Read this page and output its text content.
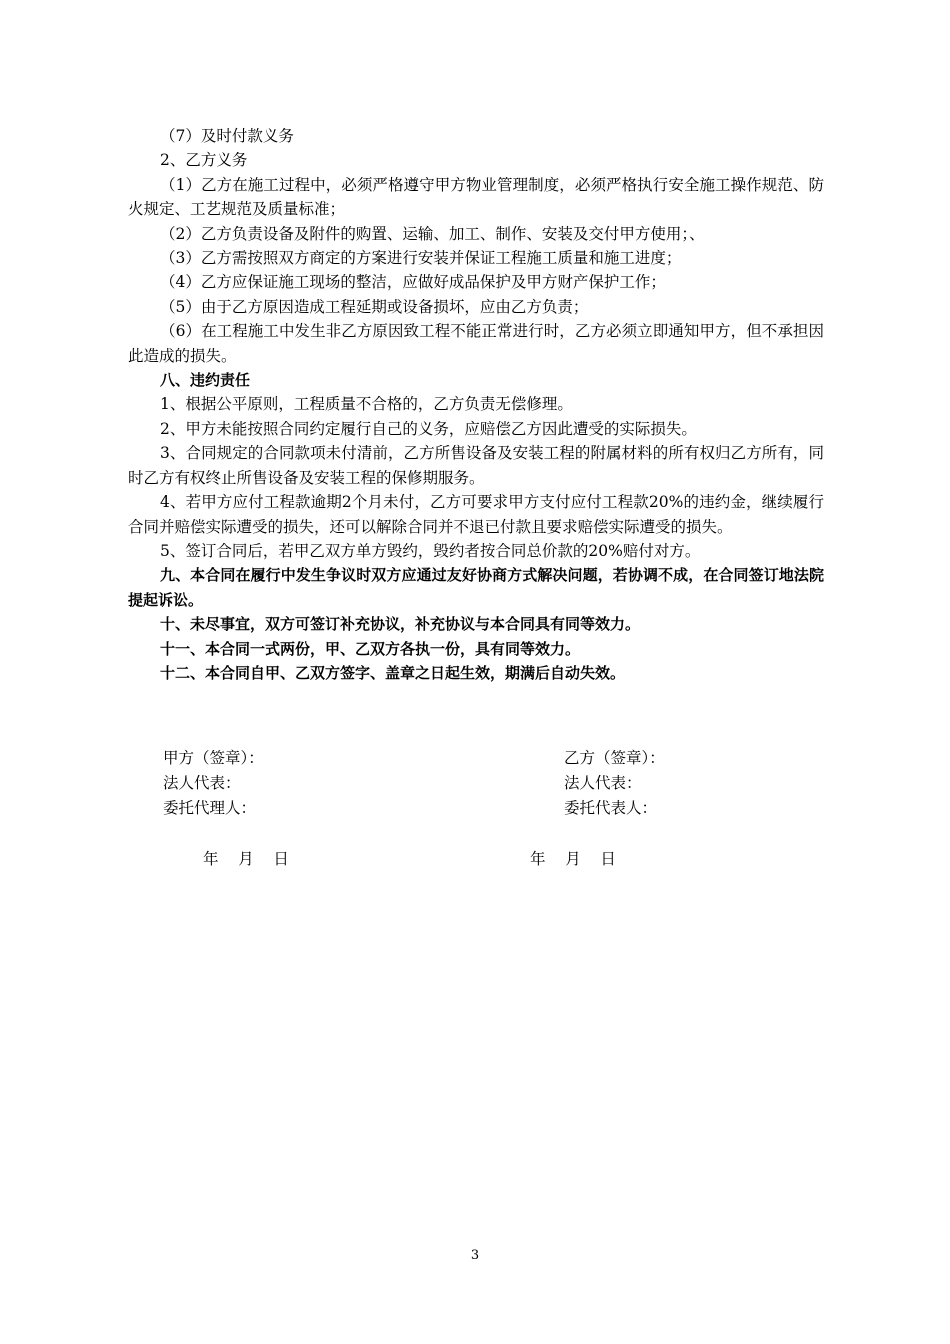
（7）及时付款义务

2、乙方义务

（1）乙方在施工过程中，必须严格遵守甲方物业管理制度，必须严格执行安全施工操作规范、防火规定、工艺规范及质量标准；

（2）乙方负责设备及附件的购置、运输、加工、制作、安装及交付甲方使用；、

（3）乙方需按照双方商定的方案进行安装并保证工程施工质量和施工进度；

（4）乙方应保证施工现场的整洁，应做好成品保护及甲方财产保护工作；

（5）由于乙方原因造成工程延期或设备损坏，应由乙方负责；

（6）在工程施工中发生非乙方原因致工程不能正常进行时，乙方必须立即通知甲方，但不承担因此造成的损失。

八、违约责任

1、根据公平原则，工程质量不合格的，乙方负责无偿修理。

2、甲方未能按照合同约定履行自己的义务，应赔偿乙方因此遭受的实际损失。

3、合同规定的合同款项未付清前，乙方所售设备及安装工程的附属材料的所有权归乙方所有，同时乙方有权终止所售设备及安装工程的保修期服务。

4、若甲方应付工程款逾期2个月未付，乙方可要求甲方支付应付工程款20%的违约金，继续履行合同并赔偿实际遭受的损失，还可以解除合同并不退已付款且要求赔偿实际遭受的损失。

5、签订合同后，若甲乙双方单方毁约，毁约者按合同总价款的20%赔付对方。

九、本合同在履行中发生争议时双方应通过友好协商方式解决问题，若协调不成，在合同签订地法院提起诉讼。

十、未尽事宜，双方可签订补充协议，补充协议与本合同具有同等效力。

十一、本合同一式两份，甲、乙双方各执一份，具有同等效力。

十二、本合同自甲、乙双方签字、盖章之日起生效，期满后自动失效。

甲方（签章）：
法人代表：
委托代理人：
乙方（签章）：
法人代表：
委托代表人：
年    月    日	年    月    日
3
